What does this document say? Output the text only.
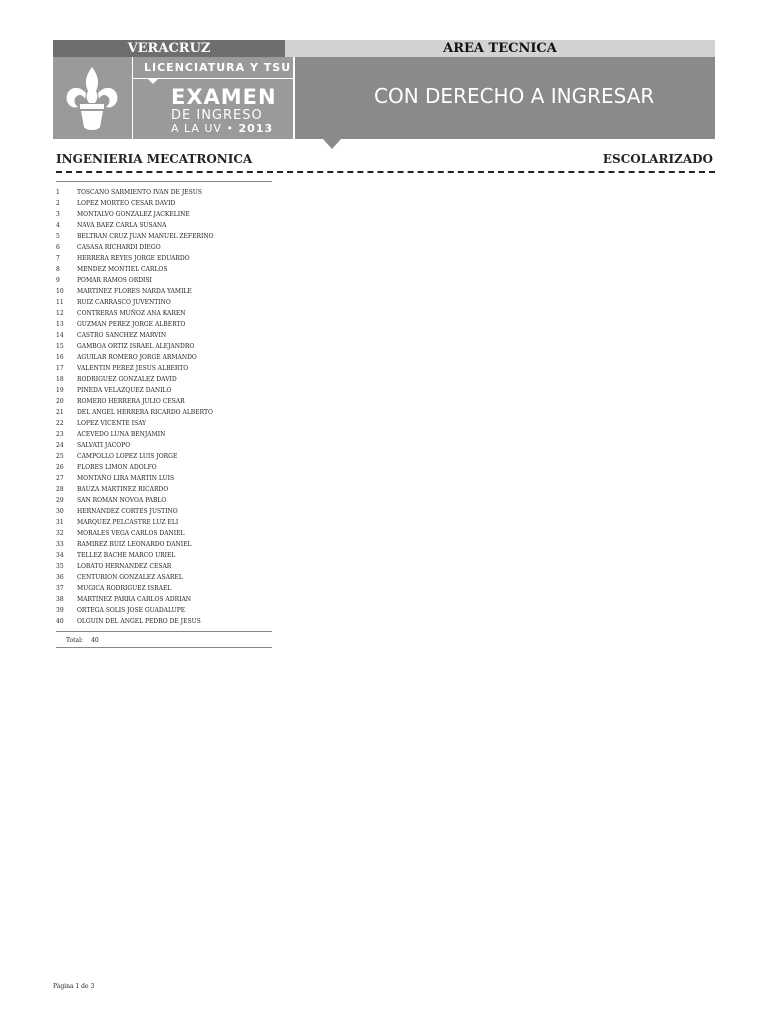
VERACRUZ	AREA TECNICA
LICENCIATURA Y TSU
EXAMEN
DE INGRESO
A LA UV • 2013
CON DERECHO A INGRESAR
INGENIERIA MECATRONICA	ESCOLARIZADO
1	TOSCANO SARMIENTO IVAN DE JESUS
2	LOPEZ MORTEO CESAR DAVID
3	MONTALVO GONZALEZ JACKELINE
4	NAVA BAEZ CARLA SUSANA
5	BELTRAN CRUZ JUAN MANUEL ZEFERINO
6	CASASA RICHARDI DIEGO
7	HERRERA REYES JORGE EDUARDO
8	MENDEZ MONTIEL CARLOS
9	POMAR RAMOS ORDISI
10 MARTINEZ FLORES NARDA YAMILE
11 RUIZ CARRASCO JUVENTINO
12 CONTRERAS MUÑOZ ANA KAREN
13 GUZMAN PEREZ JORGE ALBERTO
14 CASTRO SANCHEZ MARVIN
15 GAMBOA ORTIZ ISRAEL ALEJANDRO
16 AGUILAR ROMERO JORGE ARMANDO
17 VALENTIN PEREZ JESUS ALBERTO
18 RODRIGUEZ GONZALEZ DAVID
19 PINEDA VELAZQUEZ DANILO
20 ROMERO HERRERA JULIO CESAR
21 DEL ANGEL HERRERA RICARDO ALBERTO
22 LOPEZ VICENTE ISAY
23 ACEVEDO LUNA BENJAMIN
24 SALVATI JACOPO
25 CAMPOLLO LOPEZ LUIS JORGE
26 FLORES LIMON ADOLFO
27 MONTAÑO LIRA MARTIN LUIS
28 BAUZA MARTINEZ RICARDO
29 SAN ROMAN NOVOA PABLO
30 HERNANDEZ CORTES JUSTINO
31 MARQUEZ PELCASTRE LUZ ELI
32 MORALES VEGA CARLOS DANIEL
33 RAMIREZ RUIZ LEONARDO DANIEL
34 TELLEZ BACHE MARCO URIEL
35 LOBATO HERNANDEZ CESAR
36 CENTURION GONZALEZ ASAREL
37 MUGICA RODRIGUEZ ISRAEL
38 MARTINEZ PARRA CARLOS ADRIAN
39 ORTEGA SOLIS JOSE GUADALUPE
40 OLGUIN DEL ANGEL PEDRO DE JESUS
Total: 40
Página 1 de 3
